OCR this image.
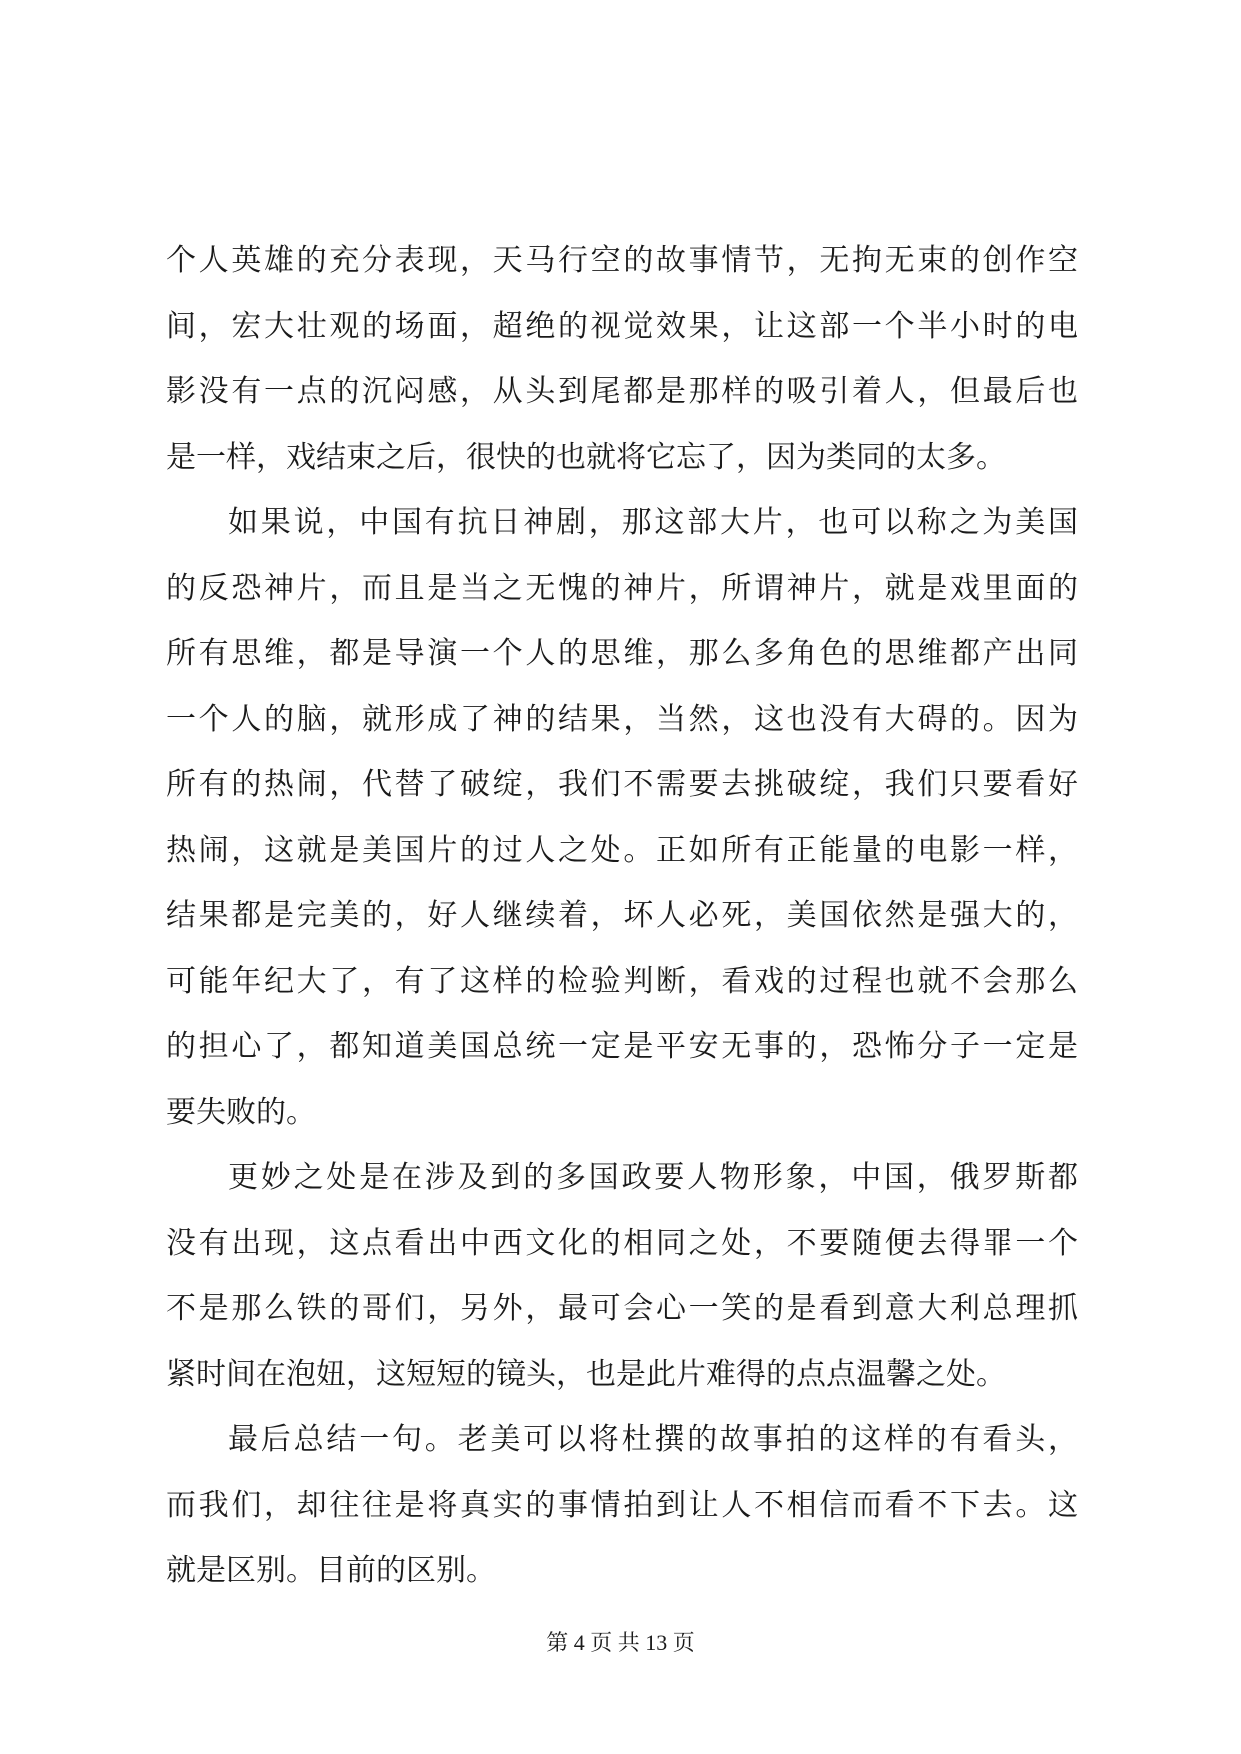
个人英雄的充分表现，天马行空的故事情节，无拘无束的创作空
间，宏大壮观的场面，超绝的视觉效果，让这部一个半小时的电
影没有一点的沉闷感，从头到尾都是那样的吸引着人，但最后也
是一样，戏结束之后，很快的也就将它忘了，因为类同的太多。
如果说，中国有抗日神剧，那这部大片，也可以称之为美国
的反恐神片，而且是当之无愧的神片，所谓神片，就是戏里面的
所有思维，都是导演一个人的思维，那么多角色的思维都产出同
一个人的脑，就形成了神的结果，当然，这也没有大碍的。因为
所有的热闹，代替了破绽，我们不需要去挑破绽，我们只要看好
热闹，这就是美国片的过人之处。正如所有正能量的电影一样，
结果都是完美的，好人继续着，坏人必死，美国依然是强大的，
可能年纪大了，有了这样的检验判断，看戏的过程也就不会那么
的担心了，都知道美国总统一定是平安无事的，恐怖分子一定是
要失败的。
更妙之处是在涉及到的多国政要人物形象，中国，俄罗斯都
没有出现，这点看出中西文化的相同之处，不要随便去得罪一个
不是那么铁的哥们，另外，最可会心一笑的是看到意大利总理抓
紧时间在泡妞，这短短的镜头，也是此片难得的点点温馨之处。
最后总结一句。老美可以将杜撰的故事拍的这样的有看头，
而我们，却往往是将真实的事情拍到让人不相信而看不下去。这
就是区别。目前的区别。
第 4 页 共 13 页
